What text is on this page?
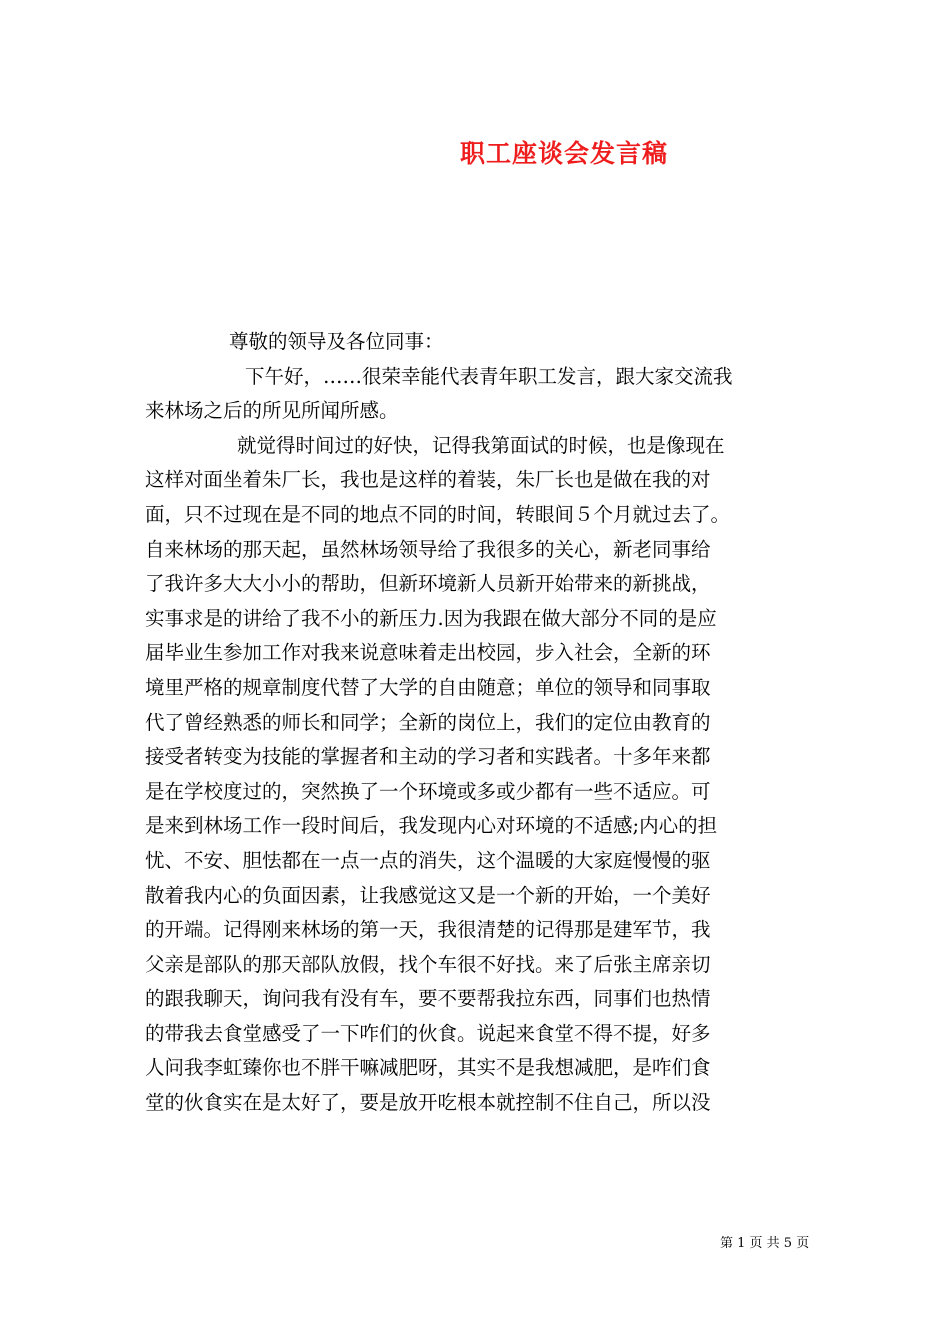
职工座谈会发言稿
尊敬的领导及各位同事：
下午好，……很荣幸能代表青年职工发言，跟大家交流我
来林场之后的所见所闻所感。
就觉得时间过的好快，记得我第面试的时候，也是像现在
这样对面坐着朱厂长，我也是这样的着装，朱厂长也是做在我的对
面，只不过现在是不同的地点不同的时间，转眼间５个月就过去了。
自来林场的那天起，虽然林场领导给了我很多的关心，新老同事给
了我许多大大小小的帮助，但新环境新人员新开始带来的新挑战，
实事求是的讲给了我不小的新压力.因为我跟在做大部分不同的是应
届毕业生参加工作对我来说意味着走出校园，步入社会，全新的环
境里严格的规章制度代替了大学的自由随意；单位的领导和同事取
代了曾经熟悉的师长和同学；全新的岗位上，我们的定位由教育的
接受者转变为技能的掌握者和主动的学习者和实践者。十多年来都
是在学校度过的，突然换了一个环境或多或少都有一些不适应。可
是来到林场工作一段时间后，我发现内心对环境的不适感;内心的担
忧、不安、胆怯都在一点一点的消失，这个温暖的大家庭慢慢的驱
散着我内心的负面因素，让我感觉这又是一个新的开始，一个美好
的开端。记得刚来林场的第一天，我很清楚的记得那是建军节，我
父亲是部队的那天部队放假，找个车很不好找。来了后张主席亲切
的跟我聊天，询问我有没有车，要不要帮我拉东西，同事们也热情
的带我去食堂感受了一下咋们的伙食。说起来食堂不得不提，好多
人问我李虹臻你也不胖干嘛减肥呀，其实不是我想减肥，是咋们食
堂的伙食实在是太好了，要是放开吃根本就控制不住自己，所以没
第 1 页 共 5 页
